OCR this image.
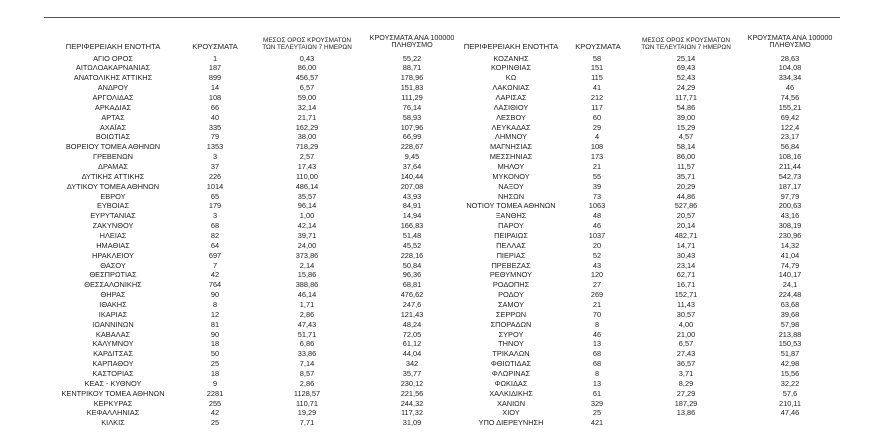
ΠΕΡΙΦΕΡΕΙΑΚΗ ΕΝΟΤΗΤΑ	ΚΡΟΥΣΜΑΤΑ
ΜΕΣΟΣ ΟΡΟΣ ΚΡΟΥΣΜΑΤΩΝ
ΤΩΝ ΤΕΛΕΥΤΑΙΩΝ 7 ΗΜΕΡΩΝ
ΚΡΟΥΣΜΑΤΑ ΑΝΑ 100000
ΠΛΗΘΥΣΜΟ	ΠΕΡΙΦΕΡΕΙΑΚΗ ΕΝΟΤΗΤΑ	ΚΡΟΥΣΜΑΤΑ
ΜΕΣΟΣ ΟΡΟΣ ΚΡΟΥΣΜΑΤΩΝ
ΤΩΝ ΤΕΛΕΥΤΑΙΩΝ 7 ΗΜΕΡΩΝ
ΚΡΟΥΣΜΑΤΑ ΑΝΑ 100000
ΠΛΗΘΥΣΜΟ
ΑΓΙΟ ΟΡΟΣ	1	0,43	55,22
ΑΙΤΩΛΟΑΚΑΡΝΑΝΙΑΣ	187	86,00	88,71
ΑΝΑΤΟΛΙΚΗΣ ΑΤΤΙΚΗΣ	899	456,57	178,96
ΑΝΔΡΟΥ	14	6,57	151,83
ΑΡΓΟΛΙΔΑΣ	108	59,00	111,29
ΑΡΚΑΔΙΑΣ	66	32,14	76,14
ΑΡΤΑΣ	40	21,71	58,93
ΑΧΑΪΑΣ	335	162,29	107,96
ΒΟΙΩΤΙΑΣ	79	38,00	66,99
ΒΟΡΕΙΟΥ ΤΟΜΕΑ ΑΘΗΝΩΝ	1353	718,29	228,67
ΓΡΕΒΕΝΩΝ	3	2,57	9,45
ΔΡΑΜΑΣ	37	17,43	37,64
ΔΥΤΙΚΗΣ ΑΤΤΙΚΗΣ	226	110,00	140,44
ΔΥΤΙΚΟΥ ΤΟΜΕΑ ΑΘΗΝΩΝ	1014	486,14	207,08
ΕΒΡΟΥ	65	35,57	43,93
ΕΥΒΟΙΑΣ	179	96,14	84,91
ΕΥΡΥΤΑΝΙΑΣ	3	1,00	14,94
ΖΑΚΥΝΘΟΥ	68	42,14	166,83
ΗΛΕΙΑΣ	82	39,71	51,48
ΗΜΑΘΙΑΣ	64	24,00	45,52
ΗΡΑΚΛΕΙΟΥ	697	373,86	228,16
ΘΑΣΟΥ	7	2,14	50,84
ΘΕΣΠΡΩΤΙΑΣ	42	15,86	96,36
ΘΕΣΣΑΛΟΝΙΚΗΣ	764	388,86	68,81
ΘΗΡΑΣ	90	46,14	476,62
ΙΘΑΚΗΣ	8	1,71	247,6
ΙΚΑΡΙΑΣ	12	2,86	121,43
ΙΩΑΝΝΙΝΩΝ	81	47,43	48,24
ΚΑΒΑΛΑΣ	90	51,71	72,05
ΚΑΛΥΜΝΟΥ	18	6,86	61,12
ΚΑΡΔΙΤΣΑΣ	50	33,86	44,04
ΚΑΡΠΑΘΟΥ	25	7,14	342
ΚΑΣΤΟΡΙΑΣ	18	8,57	35,77
ΚΕΑΣ - ΚΥΘΝΟΥ	9	2,86	230,12
ΚΕΝΤΡΙΚΟΥ ΤΟΜΕΑ ΑΘΗΝΩΝ	2281	1128,57	221,56
ΚΕΡΚΥΡΑΣ	255	110,71	244,32
ΚΕΦΑΛΛΗΝΙΑΣ	42	19,29	117,32
ΚΙΛΚΙΣ	25	7,71	31,09
ΚΟΖΑΝΗΣ	58	25,14	28,63
ΚΟΡΙΝΘΙΑΣ	151	69,43	104,08
ΚΩ	115	52,43	334,34
ΛΑΚΩΝΙΑΣ	41	24,29	46
ΛΑΡΙΣΑΣ	212	117,71	74,56
ΛΑΣΙΘΙΟΥ	117	54,86	155,21
ΛΕΣΒΟΥ	60	39,00	69,42
ΛΕΥΚΑΔΑΣ	29	15,29	122,4
ΛΗΜΝΟΥ	4	4,57	23,17
ΜΑΓΝΗΣΙΑΣ	108	58,14	56,84
ΜΕΣΣΗΝΙΑΣ	173	86,00	108,16
ΜΗΛΟΥ	21	11,57	211,44
ΜΥΚΟΝΟΥ	55	35,71	542,73
ΝΑΞΟΥ	39	20,29	187,17
ΝΗΣΩΝ	73	44,86	97,79
ΝΟΤΙΟΥ ΤΟΜΕΑ ΑΘΗΝΩΝ	1063	527,86	200,63
ΞΑΝΘΗΣ	48	20,57	43,16
ΠΑΡΟΥ	46	20,14	308,19
ΠΕΙΡΑΙΩΣ	1037	482,71	230,96
ΠΕΛΛΑΣ	20	14,71	14,32
ΠΙΕΡΙΑΣ	52	30,43	41,04
ΠΡΕΒΕΖΑΣ	43	23,14	74,79
ΡΕΘΥΜΝΟΥ	120	62,71	140,17
ΡΟΔΟΠΗΣ	27	16,71	24,1
ΡΟΔΟΥ	269	152,71	224,48
ΣΑΜΟΥ	21	11,43	63,68
ΣΕΡΡΩΝ	70	30,57	39,68
ΣΠΟΡΑΔΩΝ	8	4,00	57,98
ΣΥΡΟΥ	46	21,00	213,88
ΤΗΝΟΥ	13	6,57	150,53
ΤΡΙΚΑΛΩΝ	68	27,43	51,87
ΦΘΙΩΤΙΔΑΣ	68	36,57	42,98
ΦΛΩΡΙΝΑΣ	8	3,71	15,56
ΦΩΚΙΔΑΣ	13	8,29	32,22
ΧΑΛΚΙΔΙΚΗΣ	61	27,29	57,6
ΧΑΝΙΩΝ	329	187,29	210,11
ΧΙΟΥ	25	13,86	47,46
ΥΠΟ ΔΙΕΡΕΥΝΗΣΗ	421
